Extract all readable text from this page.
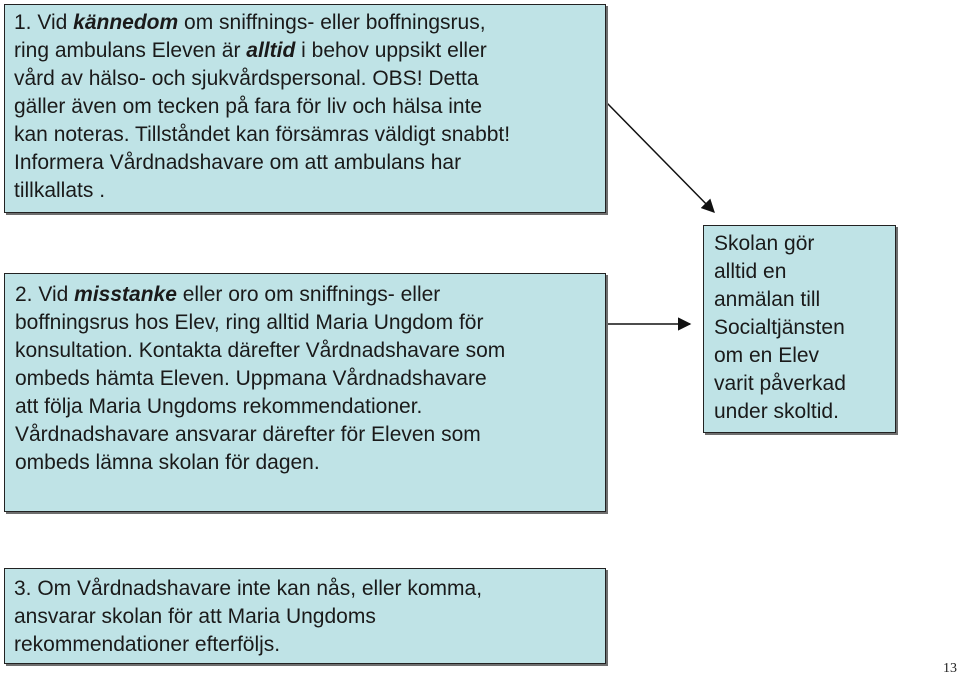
1. Vid kännedom om sniffnings- eller boffningsrus,
ring ambulans Eleven är alltid i behov uppsikt eller
vård av hälso- och sjukvårdspersonal. OBS! Detta
gäller även om tecken på fara för liv och hälsa inte
kan noteras. Tillståndet kan försämras väldigt snabbt!
Informera Vårdnadshavare om att ambulans har
tillkallats .

2. Vid misstanke eller oro om sniffnings- eller
boffningsrus hos Elev, ring alltid Maria Ungdom för
konsultation. Kontakta därefter Vårdnadshavare som
ombeds hämta Eleven. Uppmana Vårdnadshavare
att följa Maria Ungdoms rekommendationer.
Vårdnadshavare ansvarar därefter för Eleven som
ombeds lämna skolan för dagen.

3. Om Vårdnadshavare inte kan nås, eller komma,
ansvarar skolan för att Maria Ungdoms
rekommendationer efterföljs.

Skolan gör
alltid en
anmälan till
Socialtjänsten
om en Elev
varit påverkad
under skoltid.

13
